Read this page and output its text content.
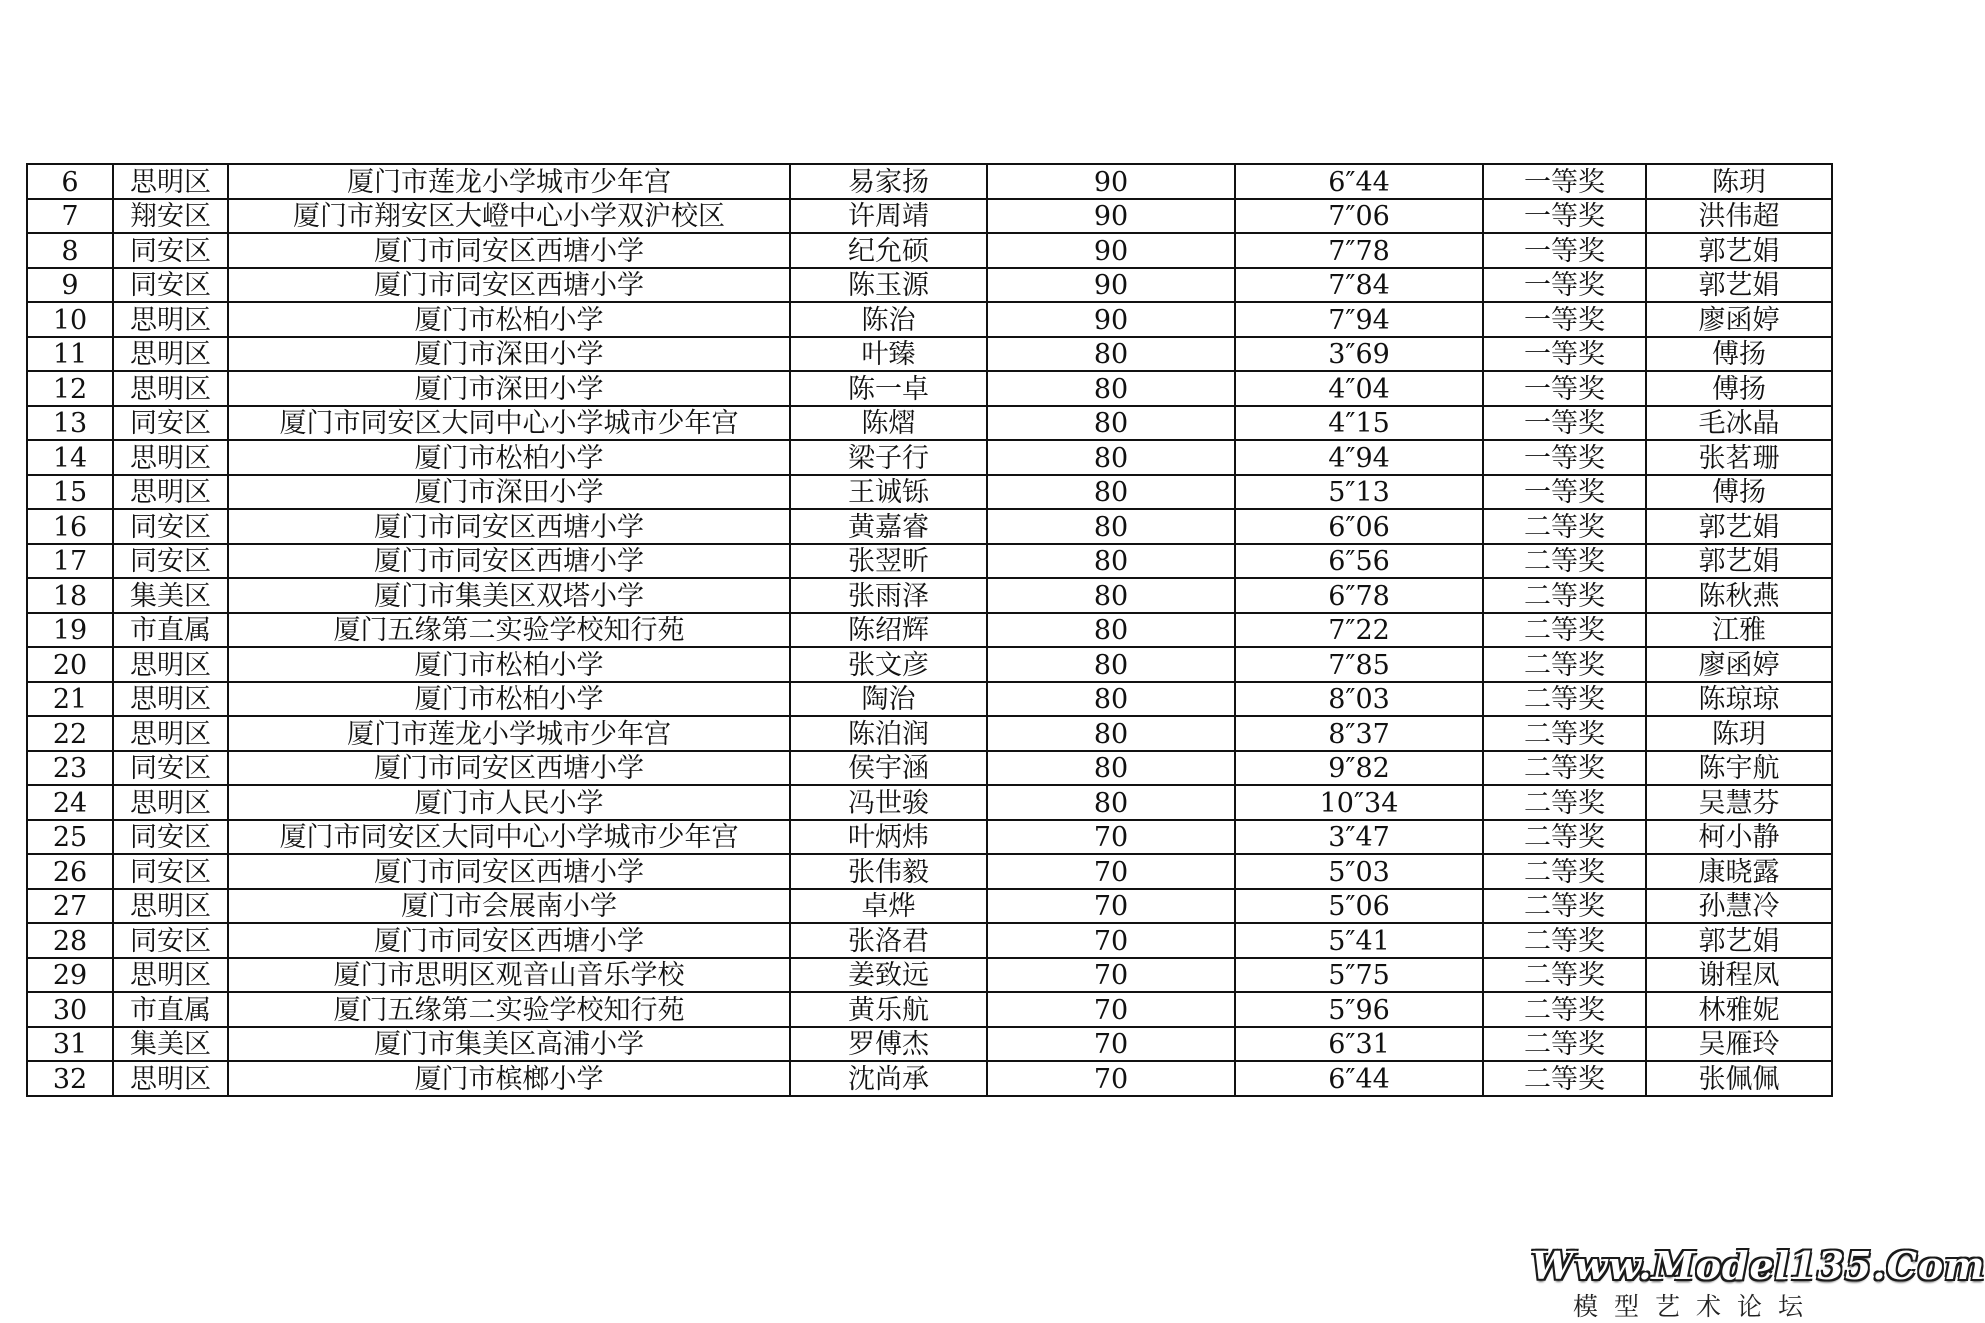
6	思明区	厦门市莲龙小学城市少年宫	易家扬	90	6″44	一等奖	陈玥
7	翔安区	厦门市翔安区大嶝中心小学双沪校区	许周靖	90	7″06	一等奖	洪伟超
8	同安区	厦门市同安区西塘小学	纪允硕	90	7″78	一等奖	郭艺娟
9	同安区	厦门市同安区西塘小学	陈玉源	90	7″84	一等奖	郭艺娟
10	思明区	厦门市松柏小学	陈治	90	7″94	一等奖	廖函婷
11	思明区	厦门市深田小学	叶臻	80	3″69	一等奖	傅扬
12	思明区	厦门市深田小学	陈一卓	80	4″04	一等奖	傅扬
13	同安区	厦门市同安区大同中心小学城市少年宫	陈熠	80	4″15	一等奖	毛冰晶
14	思明区	厦门市松柏小学	梁子行	80	4″94	一等奖	张茗珊
15	思明区	厦门市深田小学	王诚铄	80	5″13	一等奖	傅扬
16	同安区	厦门市同安区西塘小学	黄嘉睿	80	6″06	二等奖	郭艺娟
17	同安区	厦门市同安区西塘小学	张翌昕	80	6″56	二等奖	郭艺娟
18	集美区	厦门市集美区双塔小学	张雨泽	80	6″78	二等奖	陈秋燕
19	市直属	厦门五缘第二实验学校知行苑	陈绍辉	80	7″22	二等奖	江雅
20	思明区	厦门市松柏小学	张文彦	80	7″85	二等奖	廖函婷
21	思明区	厦门市松柏小学	陶治	80	8″03	二等奖	陈琼琼
22	思明区	厦门市莲龙小学城市少年宫	陈泊润	80	8″37	二等奖	陈玥
23	同安区	厦门市同安区西塘小学	侯宇涵	80	9″82	二等奖	陈宇航
24	思明区	厦门市人民小学	冯世骏	80	10″34	二等奖	吴慧芬
25	同安区	厦门市同安区大同中心小学城市少年宫	叶炳炜	70	3″47	二等奖	柯小静
26	同安区	厦门市同安区西塘小学	张伟毅	70	5″03	二等奖	康晓露
27	思明区	厦门市会展南小学	卓烨	70	5″06	二等奖	孙慧冷
28	同安区	厦门市同安区西塘小学	张洛君	70	5″41	二等奖	郭艺娟
29	思明区	厦门市思明区观音山音乐学校	姜致远	70	5″75	二等奖	谢程凤
30	市直属	厦门五缘第二实验学校知行苑	黄乐航	70	5″96	二等奖	林雅妮
31	集美区	厦门市集美区高浦小学	罗傅杰	70	6″31	二等奖	吴雁玲
32	思明区	厦门市槟榔小学	沈尚承	70	6″44	二等奖	张佩佩
Www.Model135.Com
模型艺术论坛
